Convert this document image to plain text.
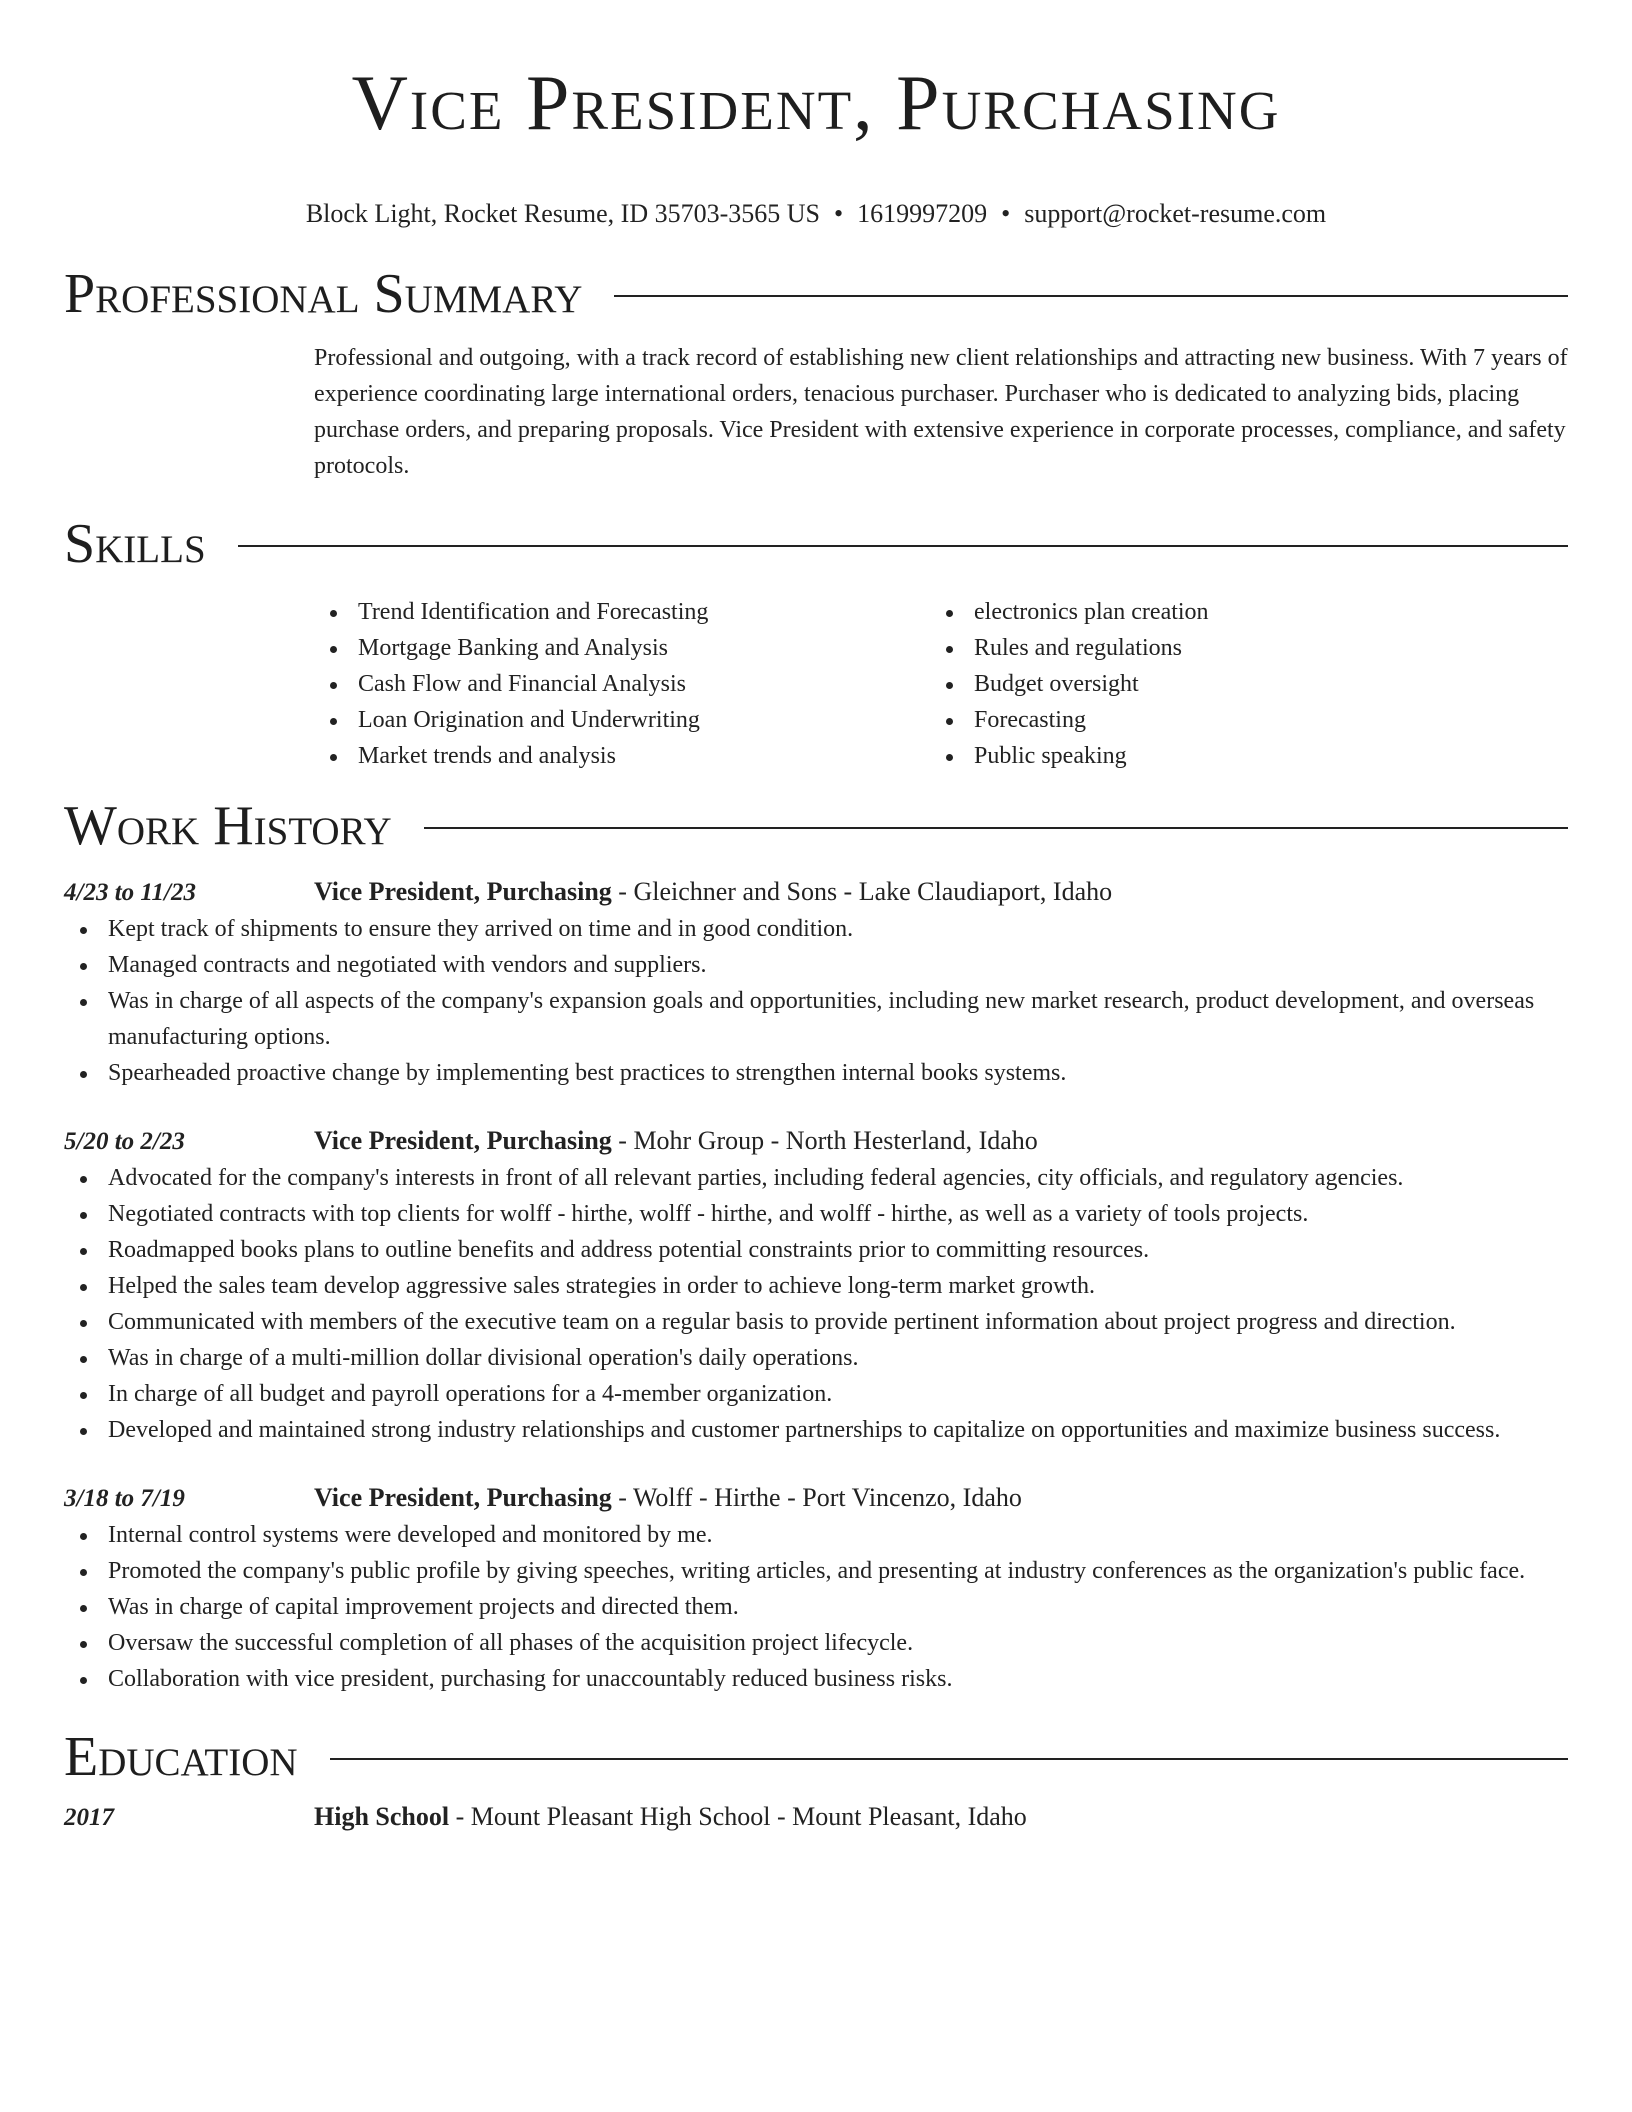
Vice President, Purchasing
Block Light, Rocket Resume, ID 35703-3565 US • 1619997209 • support@rocket-resume.com
Professional Summary

Professional and outgoing, with a track record of establishing new client relationships and attracting new business. With 7 years of experience coordinating large international orders, tenacious purchaser. Purchaser who is dedicated to analyzing bids, placing purchase orders, and preparing proposals. Vice President with extensive experience in corporate processes, compliance, and safety protocols.

Skills
Trend Identification and Forecasting
Mortgage Banking and Analysis
Cash Flow and Financial Analysis
Loan Origination and Underwriting
Market trends and analysis
electronics plan creation
Rules and regulations
Budget oversight
Forecasting
Public speaking
Work History
4/23 to 11/23	Vice President, Purchasing - Gleichner and Sons - Lake Claudiaport, Idaho
Kept track of shipments to ensure they arrived on time and in good condition.
Managed contracts and negotiated with vendors and suppliers.
Was in charge of all aspects of the company's expansion goals and opportunities, including new market research, product development, and overseas manufacturing options.
Spearheaded proactive change by implementing best practices to strengthen internal books systems.
5/20 to 2/23	Vice President, Purchasing - Mohr Group - North Hesterland, Idaho
Advocated for the company's interests in front of all relevant parties, including federal agencies, city officials, and regulatory agencies.
Negotiated contracts with top clients for wolff - hirthe, wolff - hirthe, and wolff - hirthe, as well as a variety of tools projects.
Roadmapped books plans to outline benefits and address potential constraints prior to committing resources.
Helped the sales team develop aggressive sales strategies in order to achieve long-term market growth.
Communicated with members of the executive team on a regular basis to provide pertinent information about project progress and direction.
Was in charge of a multi-million dollar divisional operation's daily operations.
In charge of all budget and payroll operations for a 4-member organization.
Developed and maintained strong industry relationships and customer partnerships to capitalize on opportunities and maximize business success.
3/18 to 7/19	Vice President, Purchasing - Wolff - Hirthe - Port Vincenzo, Idaho
Internal control systems were developed and monitored by me.
Promoted the company's public profile by giving speeches, writing articles, and presenting at industry conferences as the organization's public face.
Was in charge of capital improvement projects and directed them.
Oversaw the successful completion of all phases of the acquisition project lifecycle.
Collaboration with vice president, purchasing for unaccountably reduced business risks.
Education
2017	High School - Mount Pleasant High School - Mount Pleasant, Idaho
